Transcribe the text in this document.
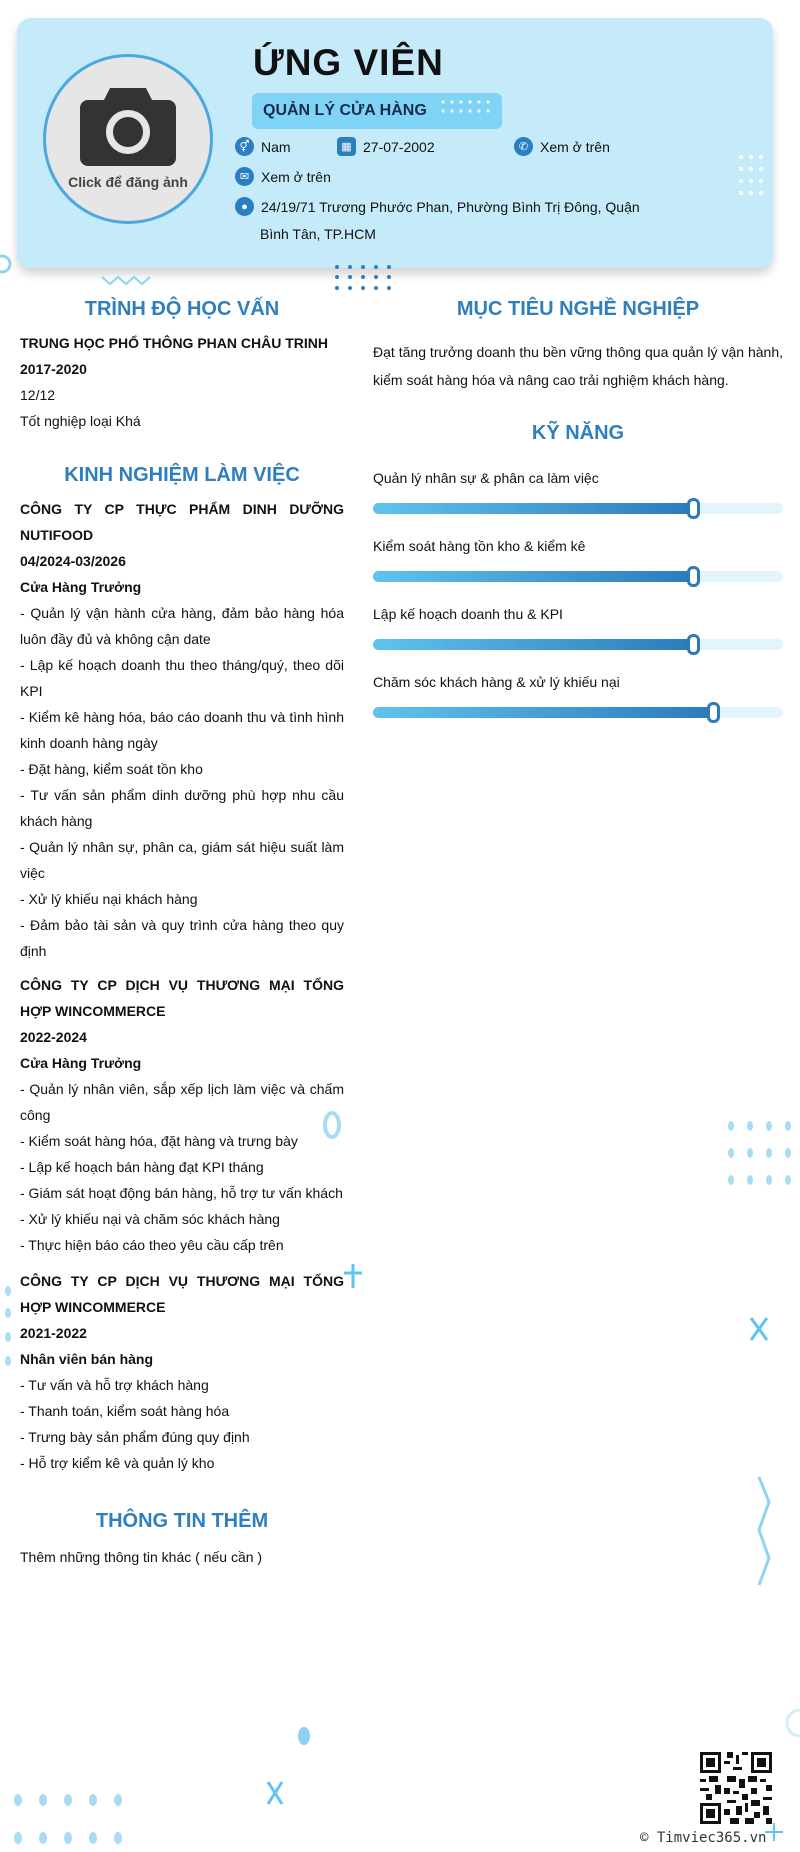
Click để đăng ảnh
ỨNG VIÊN
QUẢN LÝ CỬA HÀNG
⚥ Nam	▦ 27-07-2002	✆ Xem ở trên
✉ Xem ở trên
● 24/19/71 Trương Phước Phan, Phường Bình Trị Đông, Quận
Bình Tân, TP.HCM
TRÌNH ĐỘ HỌC VẤN

TRUNG HỌC PHỔ THÔNG PHAN CHÂU TRINH

2017-2020

12/12

Tốt nghiệp loại Khá

KINH NGHIỆM LÀM VIỆC

CÔNG TY CP THỰC PHẨM DINH DƯỠNG NUTIFOOD

04/2024-03/2026

Cửa Hàng Trưởng

- Quản lý vận hành cửa hàng, đảm bảo hàng hóa luôn đầy đủ và không cận date

- Lập kế hoạch doanh thu theo tháng/quý, theo dõi KPI

- Kiểm kê hàng hóa, báo cáo doanh thu và tình hình kinh doanh hàng ngày

- Đặt hàng, kiểm soát tồn kho

- Tư vấn sản phẩm dinh dưỡng phù hợp nhu cầu khách hàng

- Quản lý nhân sự, phân ca, giám sát hiệu suất làm việc

- Xử lý khiếu nại khách hàng

- Đảm bảo tài sản và quy trình cửa hàng theo quy định

CÔNG TY CP DỊCH VỤ THƯƠNG MẠI TỔNG HỢP WINCOMMERCE

2022-2024

Cửa Hàng Trưởng

- Quản lý nhân viên, sắp xếp lịch làm việc và chấm công

- Kiểm soát hàng hóa, đặt hàng và trưng bày

- Lập kế hoạch bán hàng đạt KPI tháng

- Giám sát hoạt động bán hàng, hỗ trợ tư vấn khách

- Xử lý khiếu nại và chăm sóc khách hàng

- Thực hiện báo cáo theo yêu cầu cấp trên

CÔNG TY CP DỊCH VỤ THƯƠNG MẠI TỔNG HỢP WINCOMMERCE

2021-2022

Nhân viên bán hàng

- Tư vấn và hỗ trợ khách hàng

- Thanh toán, kiểm soát hàng hóa

- Trưng bày sản phẩm đúng quy định

- Hỗ trợ kiểm kê và quản lý kho

THÔNG TIN THÊM
Thêm những thông tin khác ( nếu cần )
MỤC TIÊU NGHỀ NGHIỆP
Đạt tăng trưởng doanh thu bền vững thông qua quản lý vận hành, kiểm soát hàng hóa và nâng cao trải nghiệm khách hàng.
KỸ NĂNG
Quản lý nhân sự & phân ca làm việc
Kiểm soát hàng tồn kho & kiểm kê
Lập kế hoạch doanh thu & KPI
Chăm sóc khách hàng & xử lý khiếu nại
© Timviec365.vn
